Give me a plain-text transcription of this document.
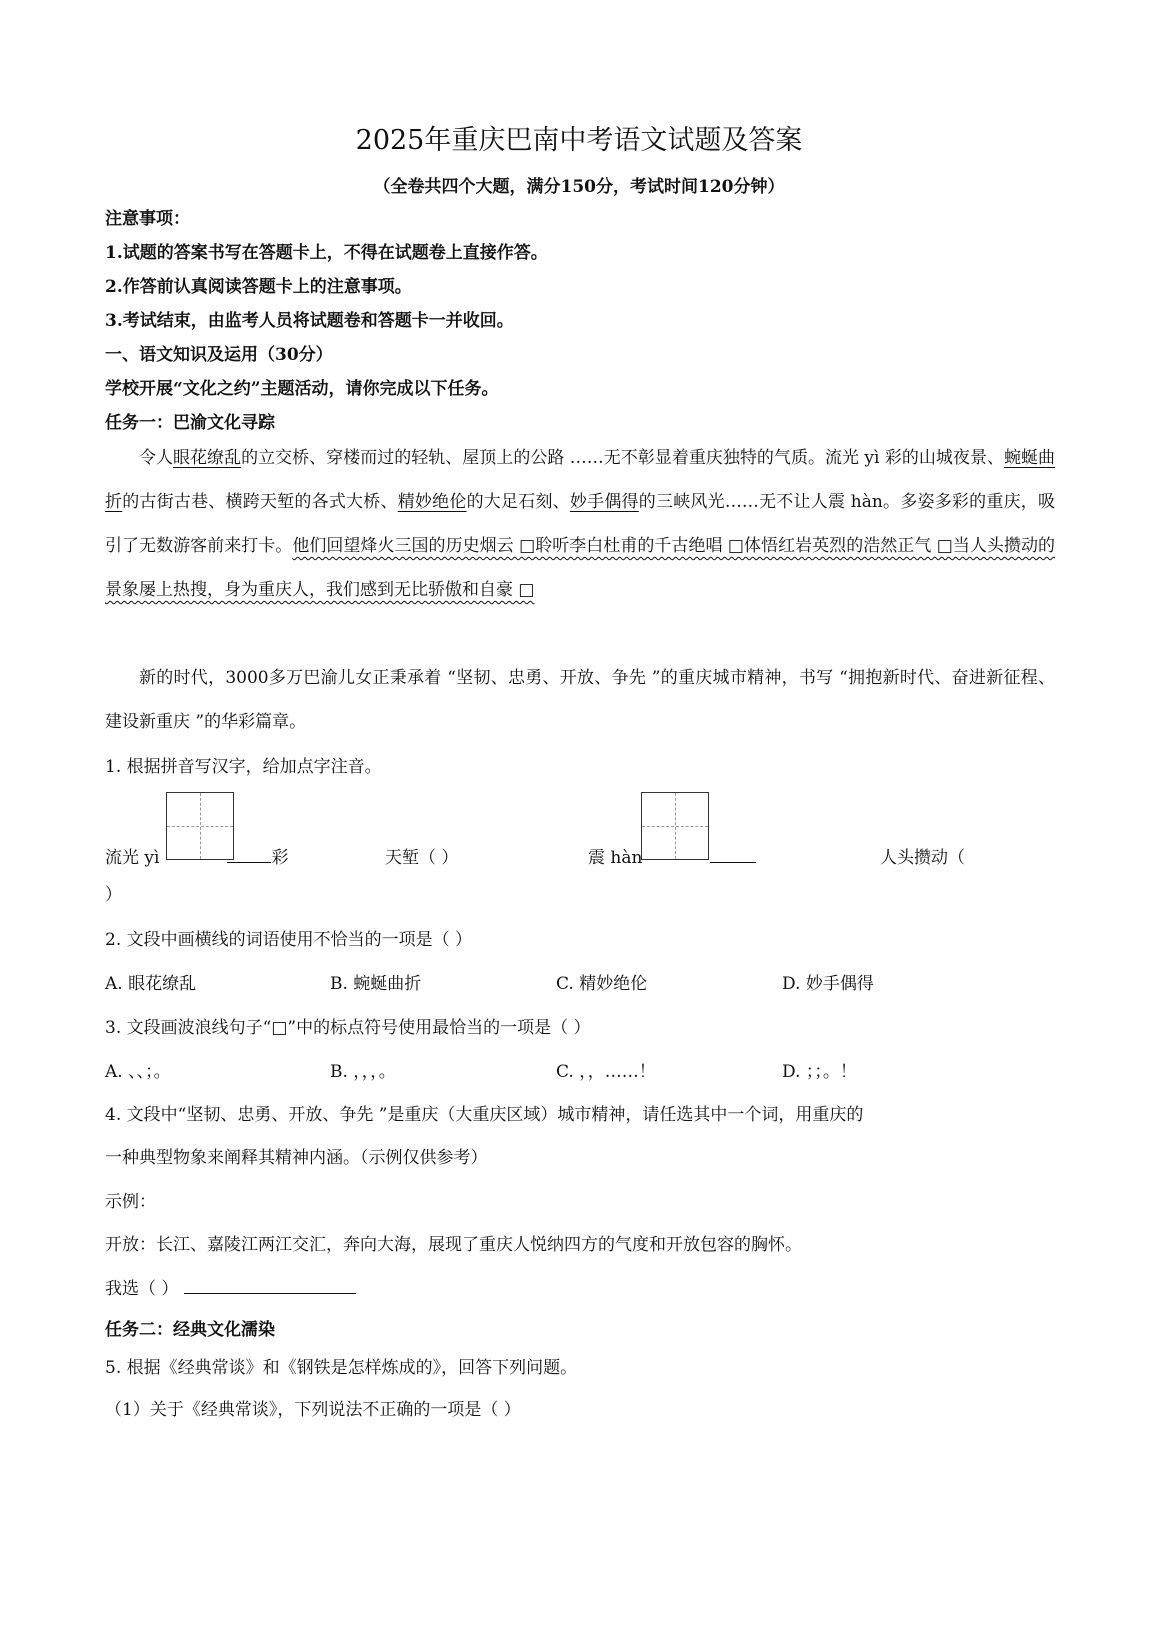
2025年重庆巴南中考语文试题及答案
（全卷共四个大题，满分150分，考试时间120分钟）
注意事项：
1.试题的答案书写在答题卡上，不得在试题卷上直接作答。
2.作答前认真阅读答题卡上的注意事项。
3.考试结束，由监考人员将试题卷和答题卡一并收回。
一、语文知识及运用（30分）
学校开展“文化之约”主题活动，请你完成以下任务。
任务一：巴渝文化寻踪
令人眼花缭乱的立交桥、穿楼而过的轻轨、屋顶上的公路 ……无不彰显着重庆独特的气质。流光 yì 彩的山城夜景、蜿蜒曲折的古街古巷、横跨天堑的各式大桥、精妙绝伦的大足石刻、妙手偶得的三峡风光……无不让人震 hàn。多姿多彩的重庆，吸引了无数游客前来打卡。他们回望烽火三国的历史烟云 □聆听李白杜甫的千古绝唱 □体悟红岩英烈的浩然正气 □当人头攒动的景象屡上热搜，身为重庆人，我们感到无比骄傲和自豪 □
新的时代，3000多万巴渝儿女正秉承着 “坚韧、忠勇、开放、争先 ”的重庆城市精神，书写 “拥抱新时代、奋进新征程、建设新重庆 ”的华彩篇章。
1. 根据拼音写汉字，给加点字注音。
流光 yì	彩	天堑（ ）	震 hàn	人头攒动（
）
2. 文段中画横线的词语使用不恰当的一项是（ ）
A. 眼花缭乱	B. 蜿蜒曲折	C. 精妙绝伦	D. 妙手偶得
3. 文段画波浪线句子“□”中的标点符号使用最恰当的一项是（ ）
A. 、、；。	B. ，，，。	C. ，，……！	D. ；；。！
4. 文段中“坚韧、忠勇、开放、争先 ”是重庆（大重庆区域）城市精神，请任选其中一个词，用重庆的
一种典型物象来阐释其精神内涵。（示例仅供参考）
示例：
开放：长江、嘉陵江两江交汇，奔向大海，展现了重庆人悦纳四方的气度和开放包容的胸怀。
我选（ ）
任务二：经典文化濡染
5. 根据《经典常谈》和《钢铁是怎样炼成的》，回答下列问题。
（1）关于《经典常谈》，下列说法不正确的一项是（ ）
